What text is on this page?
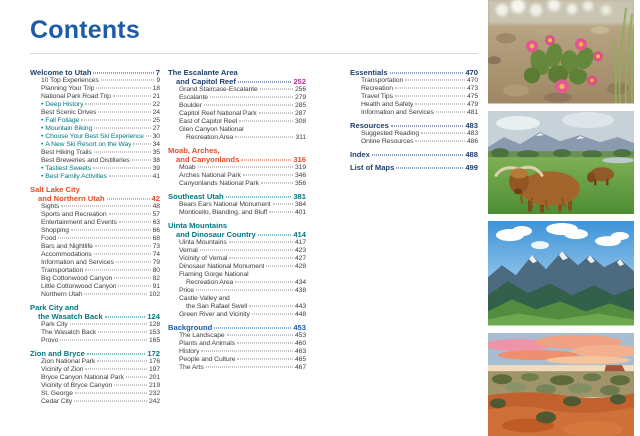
Contents
Welcome to Utah	7
10 Top Experiences	9
Planning Your Trip	18
National Park Road Trip	21
• Deep History	22
Best Scenic Drives	24
• Fall Foliage	25
• Mountain Biking	27
• Choose Your Best Ski Experience 30
• A New Ski Resort on the Way	34
Best Hiking Trails	35
Best Breweries and Distilleries	38
• Tastiest Sweets	39
• Best Family Activities	41
Salt Lake City
and Northern Utah	42
Sights	48
Sports and Recreation	57
Entertainment and Events	63
Shopping	66
Food	68
Bars and Nightlife	73
Accommodations	74
Information and Services	79
Transportation	80
Big Cottonwood Canyon	82
Little Cottonwood Canyon	91
Northern Utah	102
Park City and
the Wasatch Back	124
Park City	128
The Wasatch Back	153
Provo	165
Zion and Bryce	172
Zion National Park	176
Vicinity of Zion	197
Bryce Canyon National Park	201
Vicinity of Bryce Canyon	219
St. George	232
Cedar City	242
The Escalante Area
and Capitol Reef	252
Grand Staircase-Escalante	256
Escalante	279
Boulder	285
Capitol Reef National Park	287
East of Capitol Reef	308
Glen Canyon National
Recreation Area	311
Moab, Arches,
and Canyonlands	316
Moab	319
Arches National Park	346
Canyonlands National Park	356
Southeast Utah	381
Bears Ears National Monument	384
Monticello, Blanding, and Bluff	401
Uinta Mountains
and Dinosaur Country	414
Uinta Mountains	417
Vernal	423
Vicinity of Vernal	427
Dinosaur National Monument	428
Flaming Gorge National
Recreation Area	434
Price	438
Castle Valley and
the San Rafael Swell	443
Green River and Vicinity	448
Background	453
The Landscape	453
Plants and Animals	460
History	463
People and Culture	465
The Arts	467
Essentials	470
Transportation	470
Recreation	473
Travel Tips	475
Health and Safety	479
Information and Services	481
Resources	483
Suggested Reading	483
Online Resources	486
Index	488
List of Maps	499
